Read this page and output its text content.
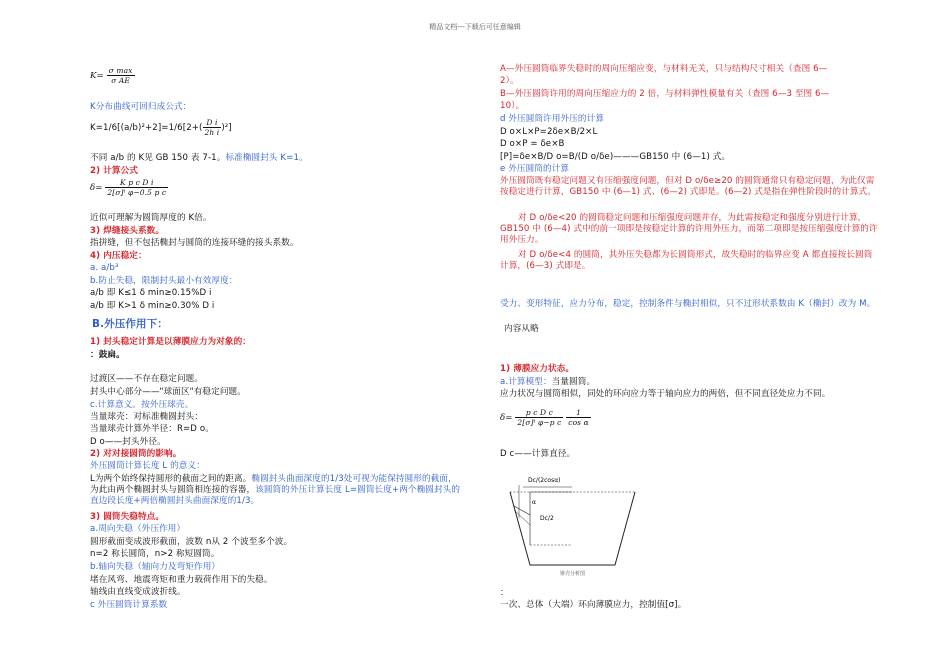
精品文档---下载后可任意编辑
$K= \frac{\text{σ max}}{\text{σ AE}}$
K分布曲线可回归成公式：
$K=1/6[(a/b)^2+2]=1/6[2+( \frac{\text{D i}}{\text{2h i}} )^2]$
不同 a/b 的 K见 GB 150 表 7-1。标准椭圆封头 K=1。
2) 计算公式
$\delta= \frac{\text{K p c D i}}{\text{2[σ]ᵗ φ−0.5 p c}}$
近似可理解为圆筒厚度的 K倍。
3) 焊缝接头系数。
指拼缝，但不包括椭封与圆筒的连接环缝的接头系数。
4) 内压稳定：
a. a/b³
b.防止失稳，限制封头最小有效厚度：
a/b 即 K≤1 δ min≥0.15%D i
a/b 即 K>1 δ min≥0.30% D i
B.外压作用下：
1) 封头稳定计算是以薄膜应力为对象的：
：鼓扁。
过渡区——不存在稳定问题。
封头中心部分——"球面区"有稳定问题。
c.计算意义。按外压球壳。
当量球壳：对标准椭圆封头：
当量球壳计算外半径：R=D o。
D o——封头外径。
2) 对对接圆筒的影响。
外压圆筒计算长度 L 的意义：
L为两个始终保持圆形的截面之间的距离。椭圆封头曲面深度的1/3处可视为能保持圆形的截面，为此由两个椭圆封头与圆筒相连接的容器，该圆筒的外压计算长度 L=圆筒长度+两个椭圆封头的直边段长度+两倍椭圆封头曲面深度的1/3。
3) 圆筒失稳特点。
a.周向失稳（外压作用）
圆形截面变成波形截面，波数 n从 2 个波至多个波。
n=2 称长圆筒，n>2 称短圆筒。
b.轴向失稳（轴向力及弯矩作用）
堵在风弯、地震弯矩和重力载荷作用下的失稳。
轴线由直线变成波折线。
c 外压圆筒计算系数
A—外压圆筒临界失稳时的周向压缩应变，与材料无关，只与结构尺寸相关（查图 6—
2）。
B—外压圆筒许用的周向压缩应力的 2 倍，与材料弹性模量有关（查图 6—3 至图 6—
10）。
d 外压圆筒许用外压的计算
D o×L×P=2δe×B/2×L
D o×P = δe×B
[P]=δe×B/D o=B/(D o/δe)———GB150 中 (6—1) 式。
e 外压圆筒的计算
外压圆筒既有稳定问题又有压缩强度问题，但对 D o/δe≥20 的圆筒通常只有稳定问题，为此仅需按稳定进行计算，GB150 中 (6—1) 式、(6—2) 式即是。(6—2) 式是指在弹性阶段时的计算式。
对 D o/δe<20 的圆筒稳定问题和压缩强度问题并存，为此需按稳定和强度分别进行计算，GB150 中 (6—4) 式中的前一项即是按稳定计算的许用外压力，而第二项即是按压缩强度计算的许用外压力。
对 D o/δe<4 的圆筒，其外压失稳都为长圆筒形式，故失稳时的临界应变 A 都直接按长圆筒计算，(6—3) 式即是。
受力、变形特征，应力分布，稳定，控制条件与椭封相似，只不过形状系数由 K（椭封）改为 M。
内容从略
1) 薄膜应力状态。
a.计算模型：当量圆筒。
应力状况与圆筒相似，同处的环向应力等于轴向应力的两倍，但不同直径处应力不同。
$\delta= \frac{\text{p c D c}}{\text{2[σ]ᵗ φ−p c}}$
$\frac{1}{\text{cos α}}$
D c——计算直径。
Dc/(2cosα)
Dc/2
α
锥壳分析图
：
一次、总体（大端）环向薄膜应力，控制值[σ]。
